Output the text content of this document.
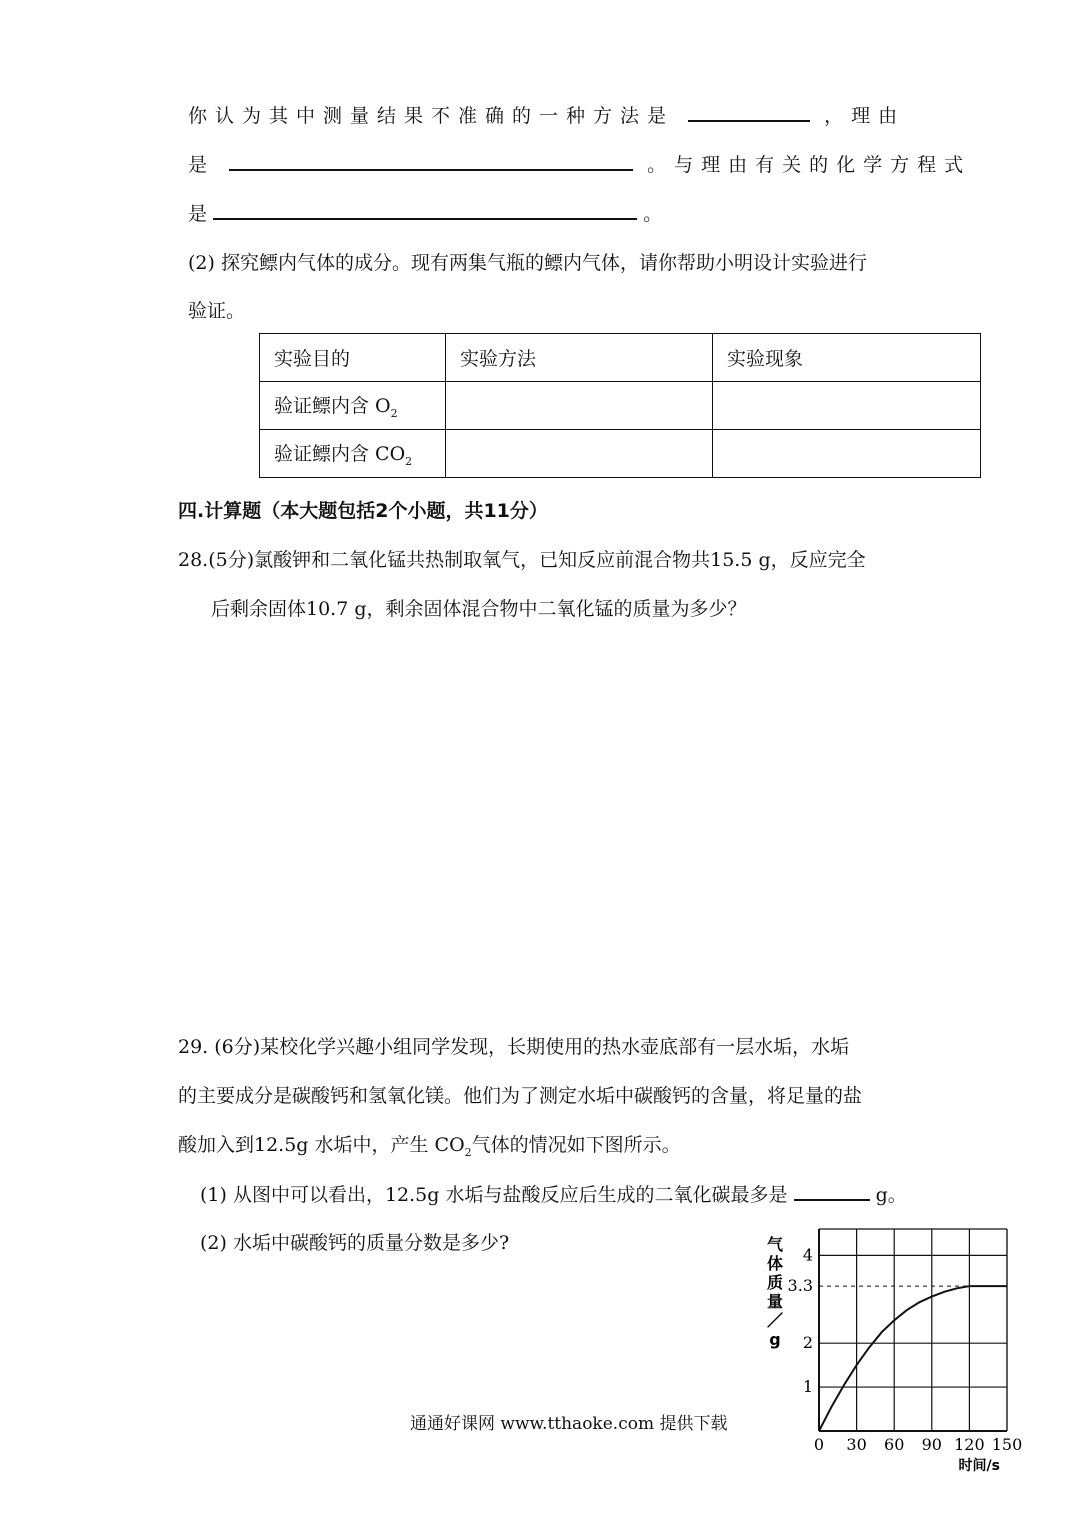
你认为其中测量结果不准确的一种方法是	，理由
是	。与理由有关的化学方程式
是	。
(2) 探究鳔内气体的成分。现有两集气瓶的鳔内气体，请你帮助小明设计实验进行
验证。
实验目的	实验方法	实验现象
验证鳔内含 $O_2$		
验证鳔内含 $CO_2$		
四.计算题（本大题包括2个小题，共11分）
28.(5分)氯酸钾和二氧化锰共热制取氧气，已知反应前混合物共15.5 g，反应完全
后剩余固体10.7 g，剩余固体混合物中二氧化锰的质量为多少？
29. (6分)某校化学兴趣小组同学发现，长期使用的热水壶底部有一层水垢，水垢
的主要成分是碳酸钙和氢氧化镁。他们为了测定水垢中碳酸钙的含量，将足量的盐
酸加入到12.5g 水垢中，产生 $CO_2$气体的情况如下图所示。
(1) 从图中可以看出，12.5g 水垢与盐酸反应后生成的二氧化碳最多是	g。
(2) 水垢中碳酸钙的质量分数是多少?
0 30 60 90 120 150
1
2
3.3
4
气
体
质
量
／
g
时间/s
通通好课网 www.tthaoke.com 提供下载
